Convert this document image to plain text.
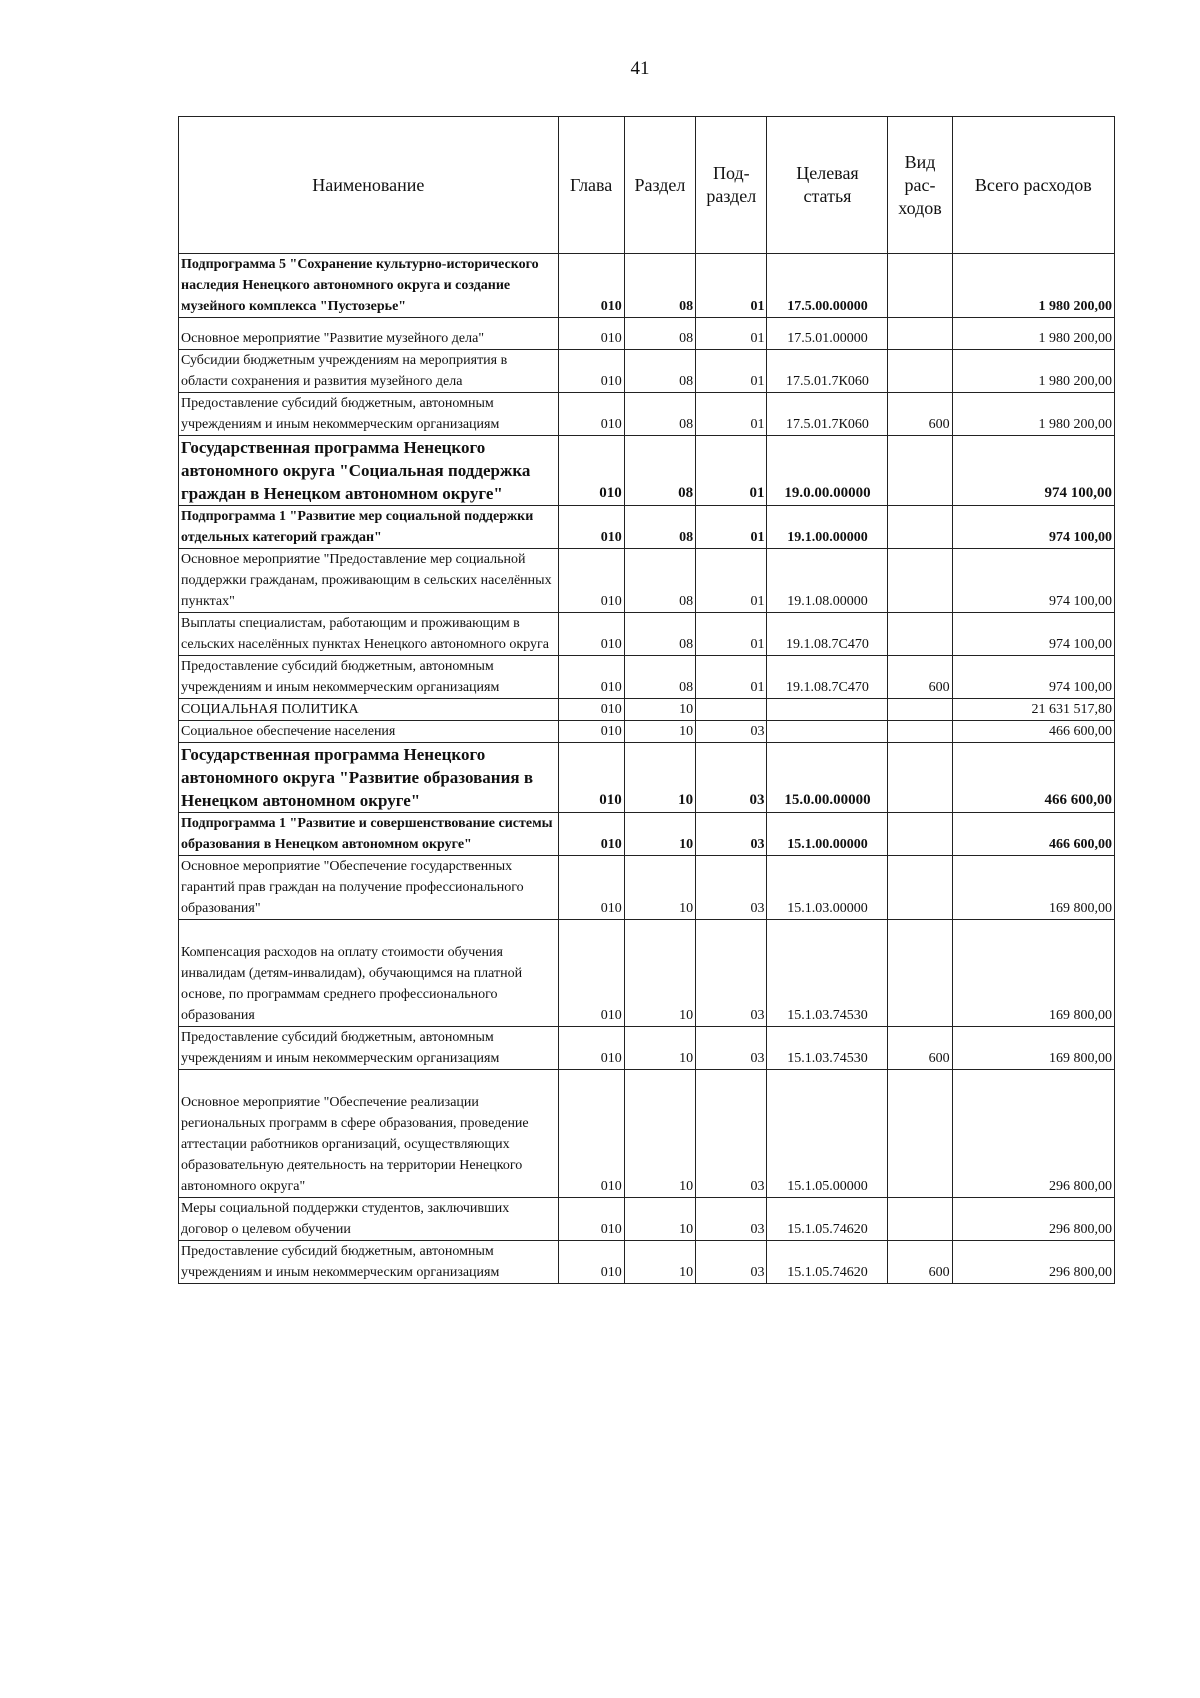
41
Наименование	Глава	Раздел	Под-раздел	Целевая статья	Вид рас-ходов	Всего расходов
Подпрограмма 5 "Сохранение культурно-исторического наследия Ненецкого автономного округа и создание музейного комплекса "Пустозерье"	010	08	01	17.5.00.00000		1 980 200,00
Основное мероприятие "Развитие музейного дела"	010	08	01	17.5.01.00000		1 980 200,00
Субсидии бюджетным учреждениям на мероприятия в области сохранения и развития музейного дела	010	08	01	17.5.01.7К060		1 980 200,00
Предоставление субсидий бюджетным, автономным учреждениям и иным некоммерческим организациям	010	08	01	17.5.01.7К060	600	1 980 200,00
Государственная программа Ненецкого автономного округа "Социальная поддержка граждан в Ненецком автономном округе"	010	08	01	19.0.00.00000		974 100,00
Подпрограмма 1 "Развитие мер социальной поддержки отдельных категорий граждан"	010	08	01	19.1.00.00000		974 100,00
Основное мероприятие "Предоставление мер социальной поддержки гражданам, проживающим в сельских населённых пунктах"	010	08	01	19.1.08.00000		974 100,00
Выплаты специалистам, работающим и проживающим в сельских населённых пунктах Ненецкого автономного округа	010	08	01	19.1.08.7С470		974 100,00
Предоставление субсидий бюджетным, автономным учреждениям и иным некоммерческим организациям	010	08	01	19.1.08.7С470	600	974 100,00
СОЦИАЛЬНАЯ ПОЛИТИКА	010	10				21 631 517,80
Социальное обеспечение населения	010	10	03			466 600,00
Государственная программа Ненецкого автономного округа "Развитие образования в Ненецком автономном округе"	010	10	03	15.0.00.00000		466 600,00
Подпрограмма 1 "Развитие и совершенствование системы образования в Ненецком автономном округе"	010	10	03	15.1.00.00000		466 600,00
Основное мероприятие "Обеспечение государственных гарантий прав граждан на получение профессионального образования"	010	10	03	15.1.03.00000		169 800,00
Компенсация расходов на оплату стоимости обучения инвалидам (детям-инвалидам), обучающимся на платной основе, по программам среднего профессионального образования	010	10	03	15.1.03.74530		169 800,00
Предоставление субсидий бюджетным, автономным учреждениям и иным некоммерческим организациям	010	10	03	15.1.03.74530	600	169 800,00
Основное мероприятие "Обеспечение реализации региональных программ в сфере образования, проведение аттестации работников организаций, осуществляющих образовательную деятельность на территории Ненецкого автономного округа"	010	10	03	15.1.05.00000		296 800,00
Меры социальной поддержки студентов, заключивших договор о целевом обучении	010	10	03	15.1.05.74620		296 800,00
Предоставление субсидий бюджетным, автономным учреждениям и иным некоммерческим организациям	010	10	03	15.1.05.74620	600	296 800,00
